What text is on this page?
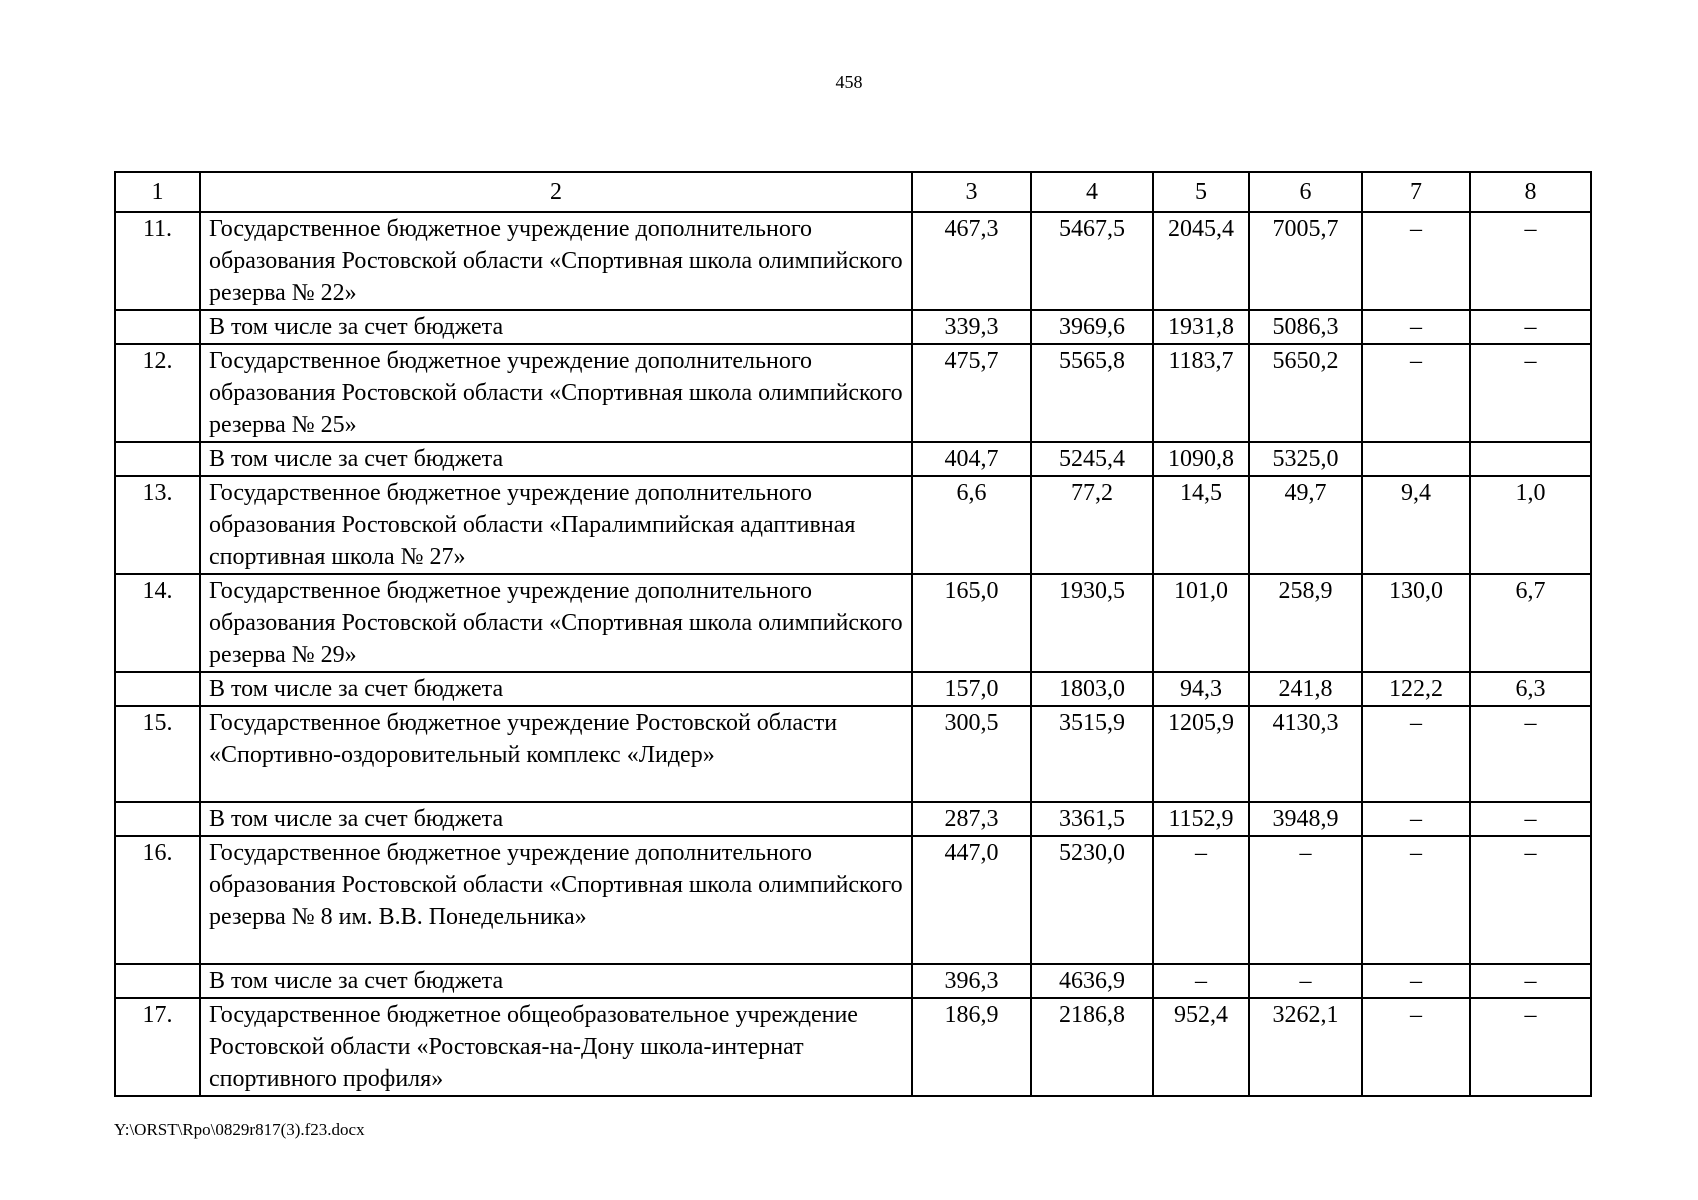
458
1	2	3	4	5	6	7	8
11.	Государственное бюджетное учреждение дополнительного образования Ростовской области «Спортивная школа олимпийского резерва № 22»	467,3	5467,5	2045,4	7005,7	–	–
	В том числе за счет бюджета	339,3	3969,6	1931,8	5086,3	–	–
12.	Государственное бюджетное учреждение дополнительного образования Ростовской области «Спортивная школа олимпийского резерва № 25»	475,7	5565,8	1183,7	5650,2	–	–
	В том числе за счет бюджета	404,7	5245,4	1090,8	5325,0		
13.	Государственное бюджетное учреждение дополнительного образования Ростовской области «Паралимпийская адаптивная спортивная школа № 27»	6,6	77,2	14,5	49,7	9,4	1,0
14.	Государственное бюджетное учреждение дополнительного образования Ростовской области «Спортивная школа олимпийского резерва № 29»	165,0	1930,5	101,0	258,9	130,0	6,7
	В том числе за счет бюджета	157,0	1803,0	94,3	241,8	122,2	6,3
15.	Государственное бюджетное учреждение Ростовской области «Спортивно-оздоровительный комплекс «Лидер»	300,5	3515,9	1205,9	4130,3	–	–
	В том числе за счет бюджета	287,3	3361,5	1152,9	3948,9	–	–
16.	Государственное бюджетное учреждение дополнительного образования Ростовской области «Спортивная школа олимпийского резерва № 8 им. В.В. Понедельника»	447,0	5230,0	–	–	–	–
	В том числе за счет бюджета	396,3	4636,9	–	–	–	–
17.	Государственное бюджетное общеобразовательное учреждение Ростовской области «Ростовская-на-Дону школа-интернат спортивного профиля»	186,9	2186,8	952,4	3262,1	–	–
Y:\ORST\Rpo\0829r817(3).f23.docx
